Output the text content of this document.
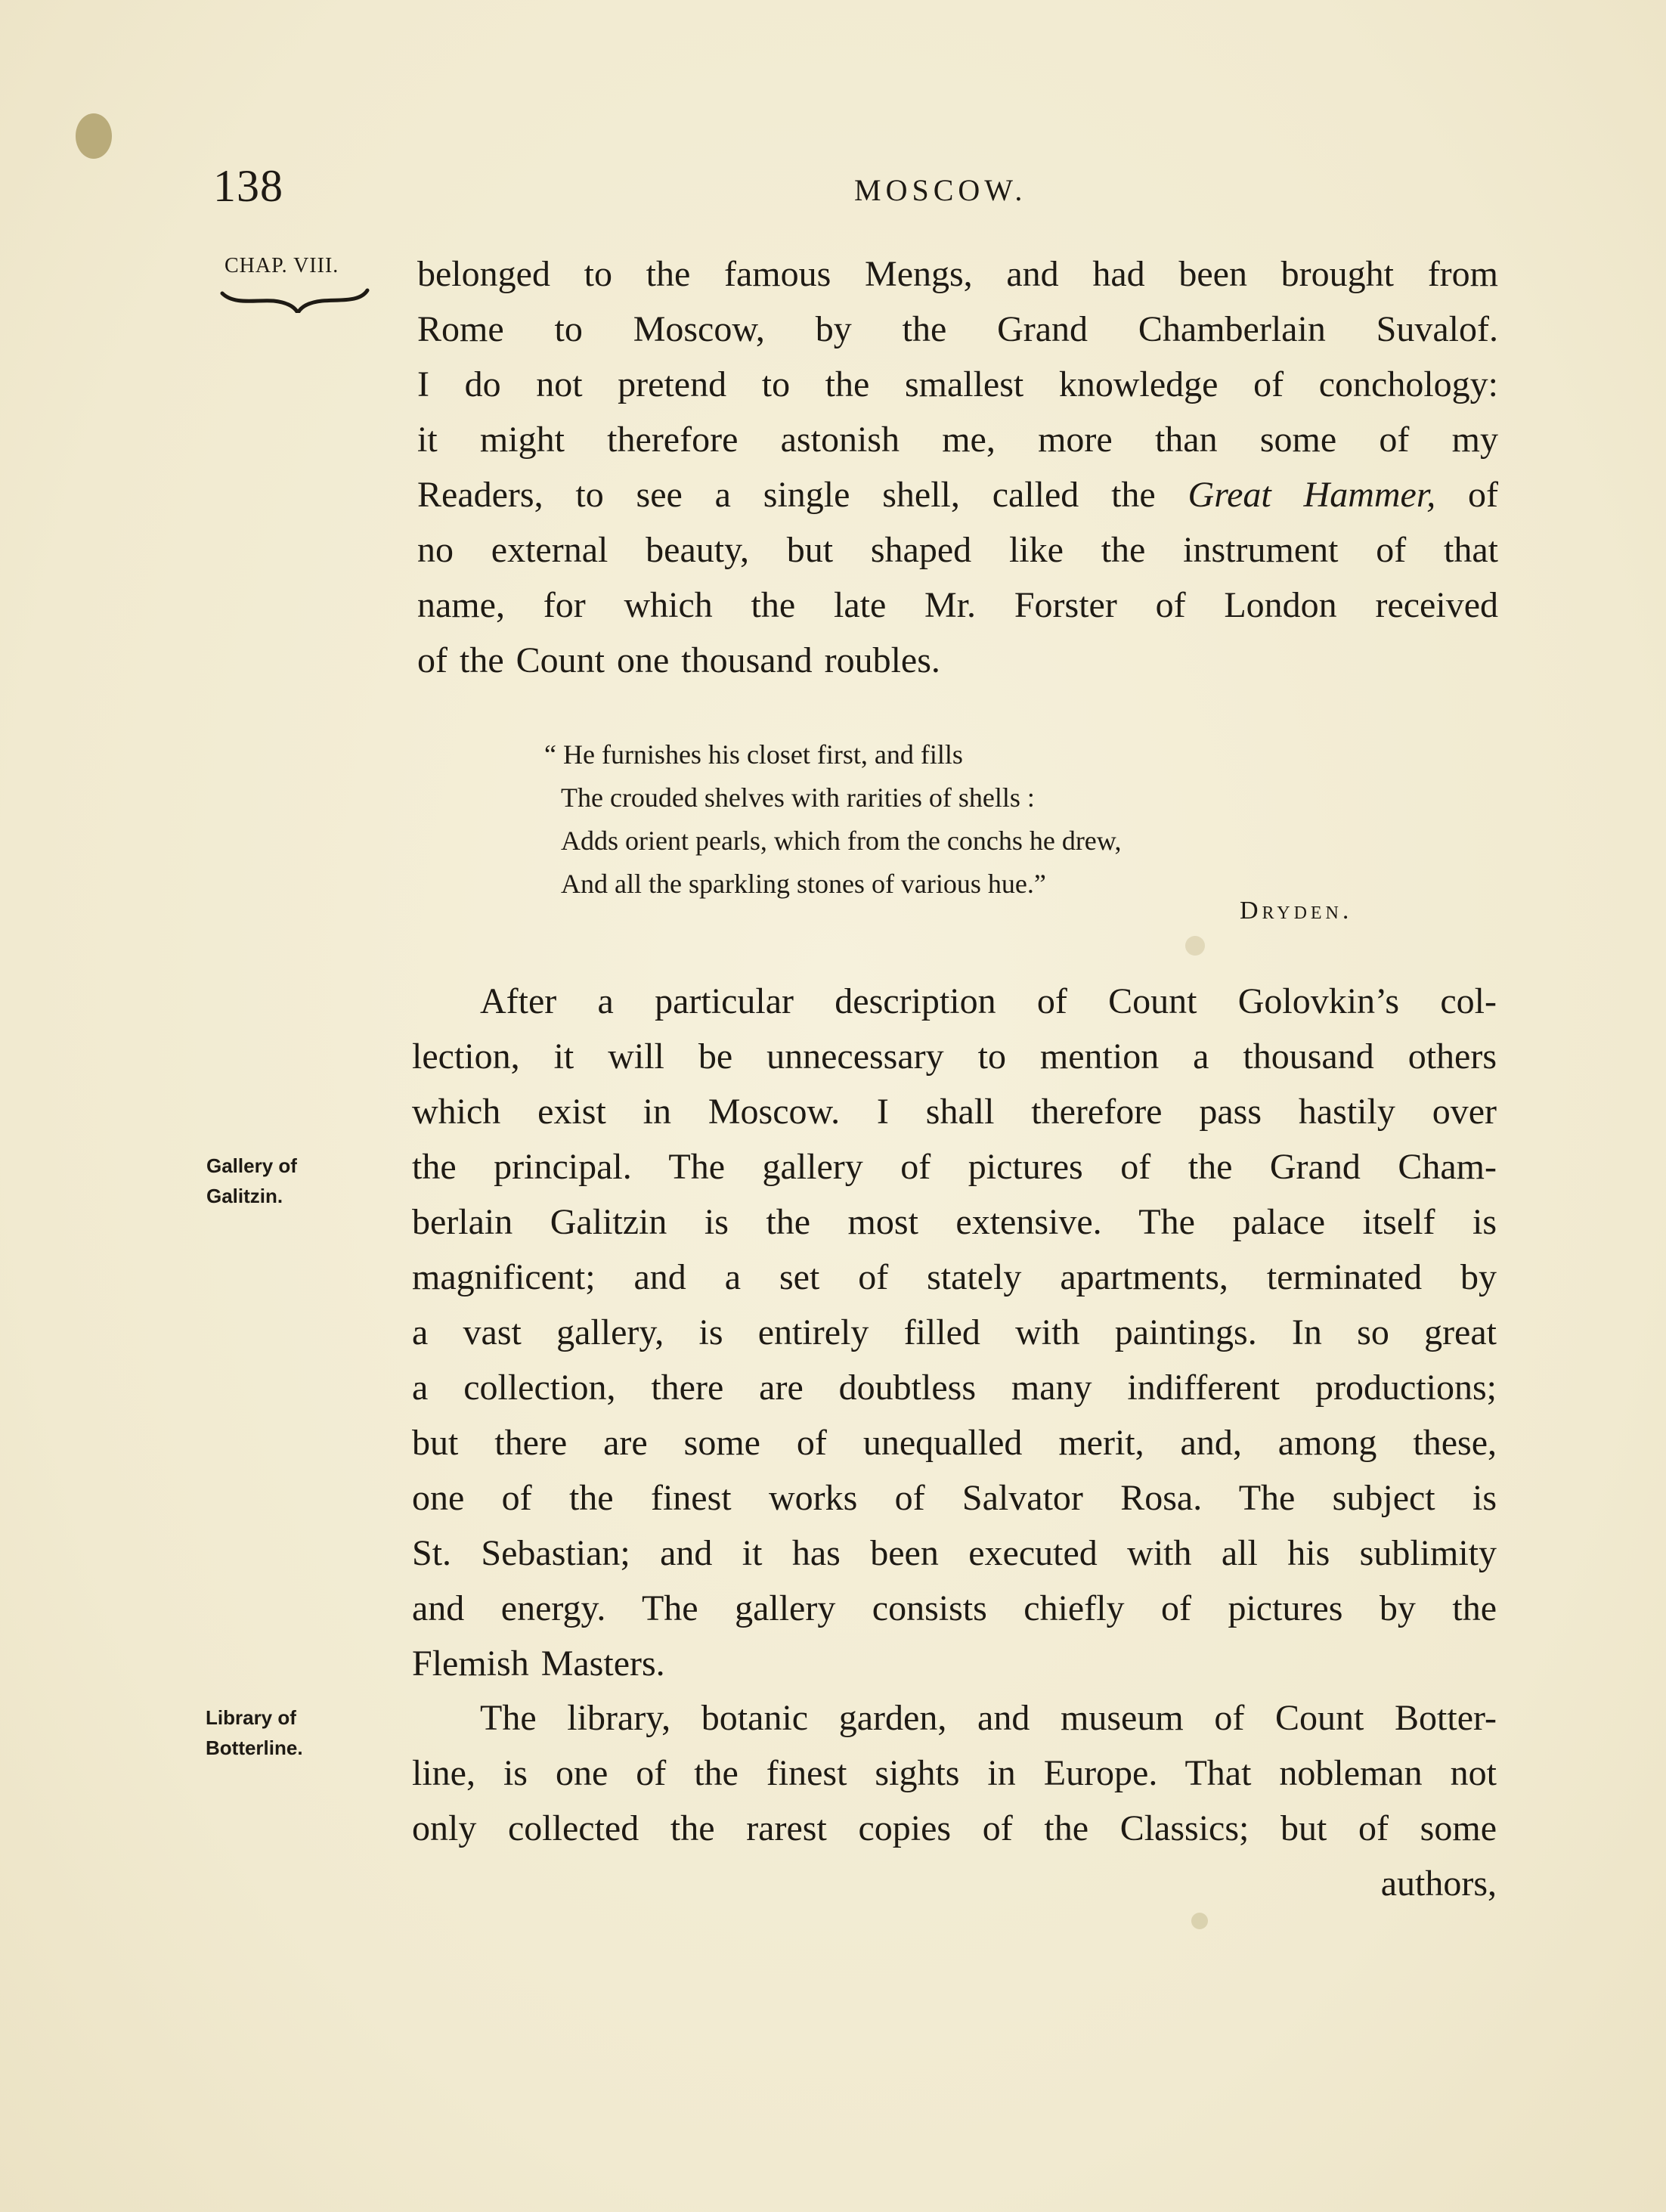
138	MOSCOW.
CHAP. VIII.
Gallery of
Galitzin.
Library of
Botterline.
belonged to the famous Mengs, and had been brought from
Rome to Moscow, by the Grand Chamberlain Suvalof.
I do not pretend to the smallest knowledge of conchology:
it might therefore astonish me, more than some of my
Readers, to see a single shell, called the Great Hammer, of
no external beauty, but shaped like the instrument of that
name, for which the late Mr. Forster of London received
of the Count one thousand roubles.
“ He furnishes his closet first, and fills
The crouded shelves with rarities of shells :
Adds orient pearls, which from the conchs he drew,
And all the sparkling stones of various hue.”
Dryden.
After a particular description of Count Golovkin’s col-
lection, it will be unnecessary to mention a thousand others
which exist in Moscow. I shall therefore pass hastily over
the principal. The gallery of pictures of the Grand Cham-
berlain Galitzin is the most extensive. The palace itself is
magnificent; and a set of stately apartments, terminated by
a vast gallery, is entirely filled with paintings. In so great
a collection, there are doubtless many indifferent productions;
but there are some of unequalled merit, and, among these,
one of the finest works of Salvator Rosa. The subject is
St. Sebastian; and it has been executed with all his sublimity
and energy. The gallery consists chiefly of pictures by the
Flemish Masters.
The library, botanic garden, and museum of Count Botter-
line, is one of the finest sights in Europe. That nobleman not
only collected the rarest copies of the Classics; but of some
authors,
